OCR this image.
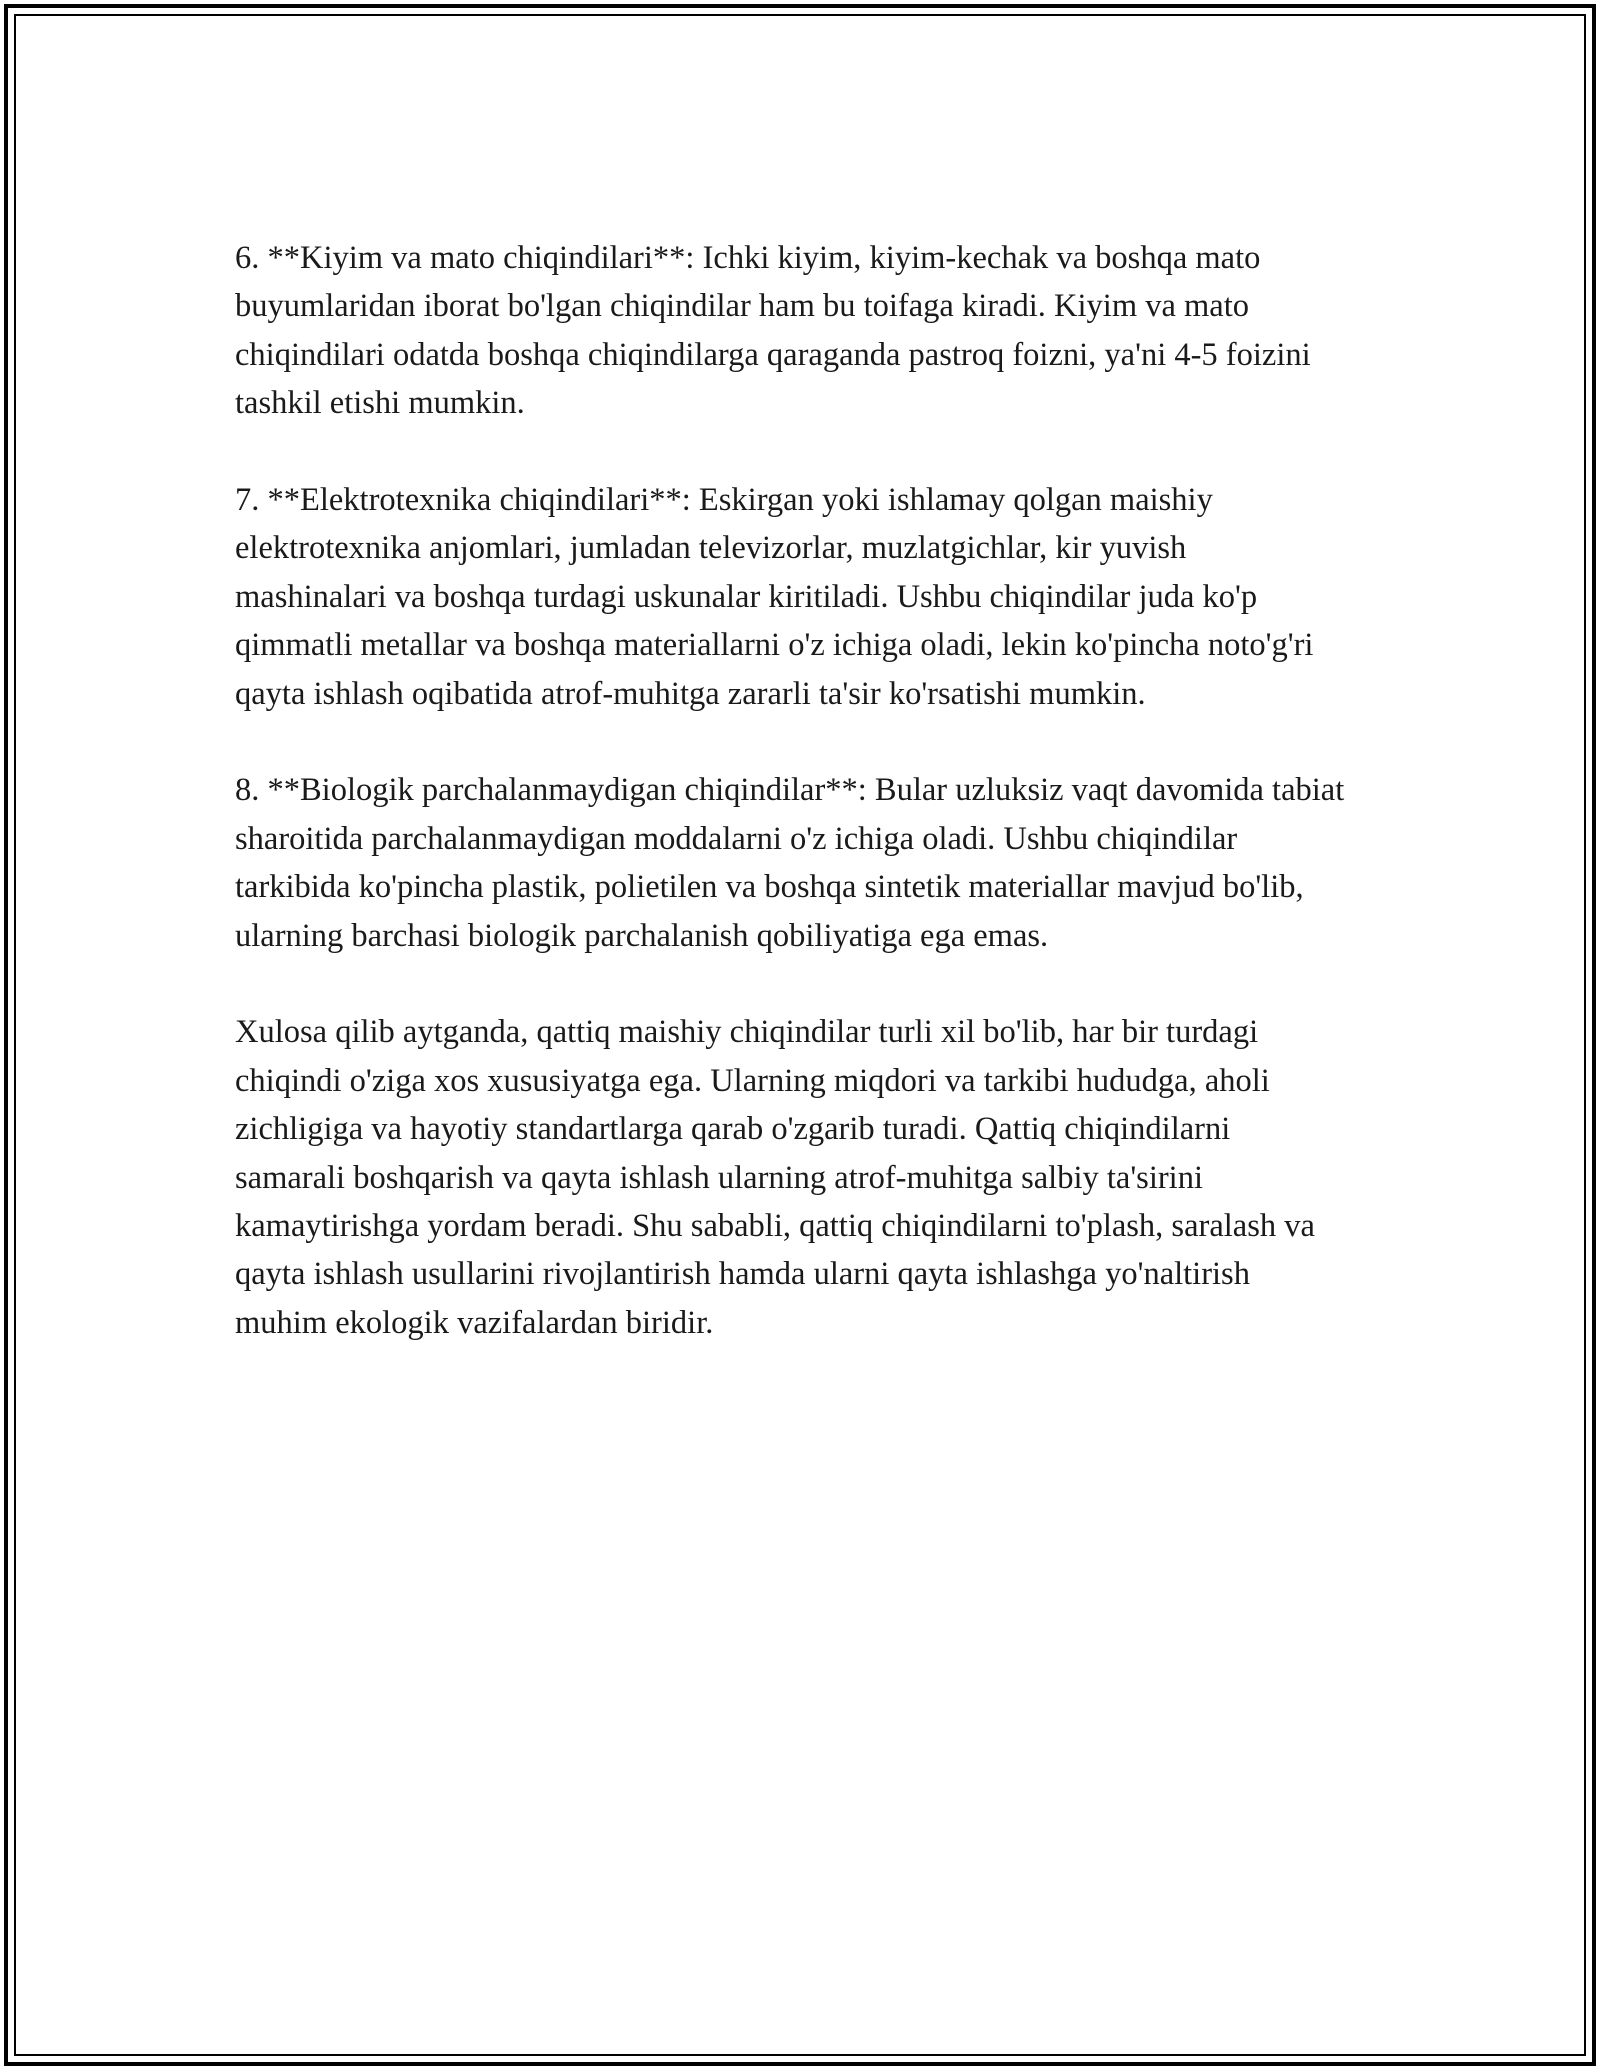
6. **Kiyim va mato chiqindilari**: Ichki kiyim, kiyim-kechak va boshqa mato buyumlaridan iborat bo'lgan chiqindilar ham bu toifaga kiradi. Kiyim va mato chiqindilari odatda boshqa chiqindilarga qaraganda pastroq foizni, ya'ni 4-5 foizini tashkil etishi mumkin.

7. **Elektrotexnika chiqindilari**: Eskirgan yoki ishlamay qolgan maishiy elektrotexnika anjomlari, jumladan televizorlar, muzlatgichlar, kir yuvish mashinalari va boshqa turdagi uskunalar kiritiladi. Ushbu chiqindilar juda ko'p qimmatli metallar va boshqa materiallarni o'z ichiga oladi, lekin ko'pincha noto'g'ri qayta ishlash oqibatida atrof-muhitga zararli ta'sir ko'rsatishi mumkin.

8. **Biologik parchalanmaydigan chiqindilar**: Bular uzluksiz vaqt davomida tabiat sharoitida parchalanmaydigan moddalarni o'z ichiga oladi. Ushbu chiqindilar tarkibida ko'pincha plastik, polietilen va boshqa sintetik materiallar mavjud bo'lib, ularning barchasi biologik parchalanish qobiliyatiga ega emas.

Xulosa qilib aytganda, qattiq maishiy chiqindilar turli xil bo'lib, har bir turdagi chiqindi o'ziga xos xususiyatga ega. Ularning miqdori va tarkibi hududga, aholi zichligiga va hayotiy standartlarga qarab o'zgarib turadi. Qattiq chiqindilarni samarali boshqarish va qayta ishlash ularning atrof-muhitga salbiy ta'sirini kamaytirishga yordam beradi. Shu sababli, qattiq chiqindilarni to'plash, saralash va qayta ishlash usullarini rivojlantirish hamda ularni qayta ishlashga yo'naltirish muhim ekologik vazifalardan biridir.
